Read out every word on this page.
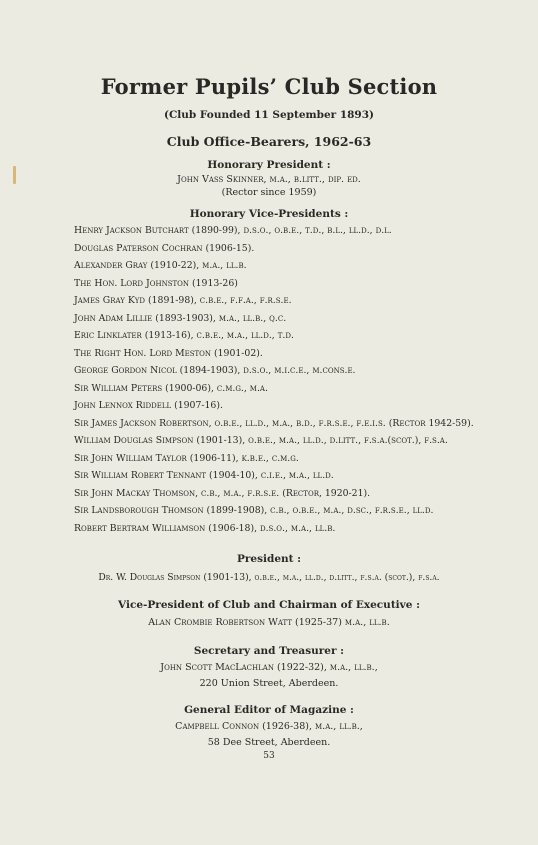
Former Pupils’ Club Section
(Club Founded 11 September 1893)
Club Office-Bearers, 1962-63
Honorary President :
John Vass Skinner, m.a., b.litt., dip. ed.
(Rector since 1959)
Honorary Vice-Presidents :
Henry Jackson Butchart (1890-99), d.s.o., o.b.e., t.d., b.l., ll.d., d.l.
Douglas Paterson Cochran (1906-15).
Alexander Gray (1910-22), m.a., ll.b.
The Hon. Lord Johnston (1913-26)
James Gray Kyd (1891-98), c.b.e., f.f.a., f.r.s.e.
John Adam Lillie (1893-1903), m.a., ll.b., q.c.
Eric Linklater (1913-16), c.b.e., m.a., ll.d., t.d.
The Right Hon. Lord Meston (1901-02).
George Gordon Nicol (1894-1903), d.s.o., m.i.c.e., m.cons.e.
Sir William Peters (1900-06), c.m.g., m.a.
John Lennox Riddell (1907-16).
Sir James Jackson Robertson, o.b.e., ll.d., m.a., b.d., f.r.s.e., f.e.i.s. (Rector 1942-59).
William Douglas Simpson (1901-13), o.b.e., m.a., ll.d., d.litt., f.s.a.(scot.), f.s.a.
Sir John William Taylor (1906-11), k.b.e., c.m.g.
Sir William Robert Tennant (1904-10), c.i.e., m.a., ll.d.
Sir John Mackay Thomson, c.b., m.a., f.r.s.e. (Rector, 1920-21).
Sir Landsborough Thomson (1899-1908), c.b., o.b.e., m.a., d.sc., f.r.s.e., ll.d.
Robert Bertram Williamson (1906-18), d.s.o., m.a., ll.b.
President :
Dr. W. Douglas Simpson (1901-13), o.b.e., m.a., ll.d., d.litt., f.s.a. (scot.), f.s.a.
Vice-President of Club and Chairman of Executive :
Alan Crombie Robertson Watt (1925-37) m.a., ll.b.
Secretary and Treasurer :
John Scott MacLachlan (1922-32), m.a., ll.b.,
220 Union Street, Aberdeen.
General Editor of Magazine :
Campbell Connon (1926-38), m.a., ll.b.,
58 Dee Street, Aberdeen.
53
